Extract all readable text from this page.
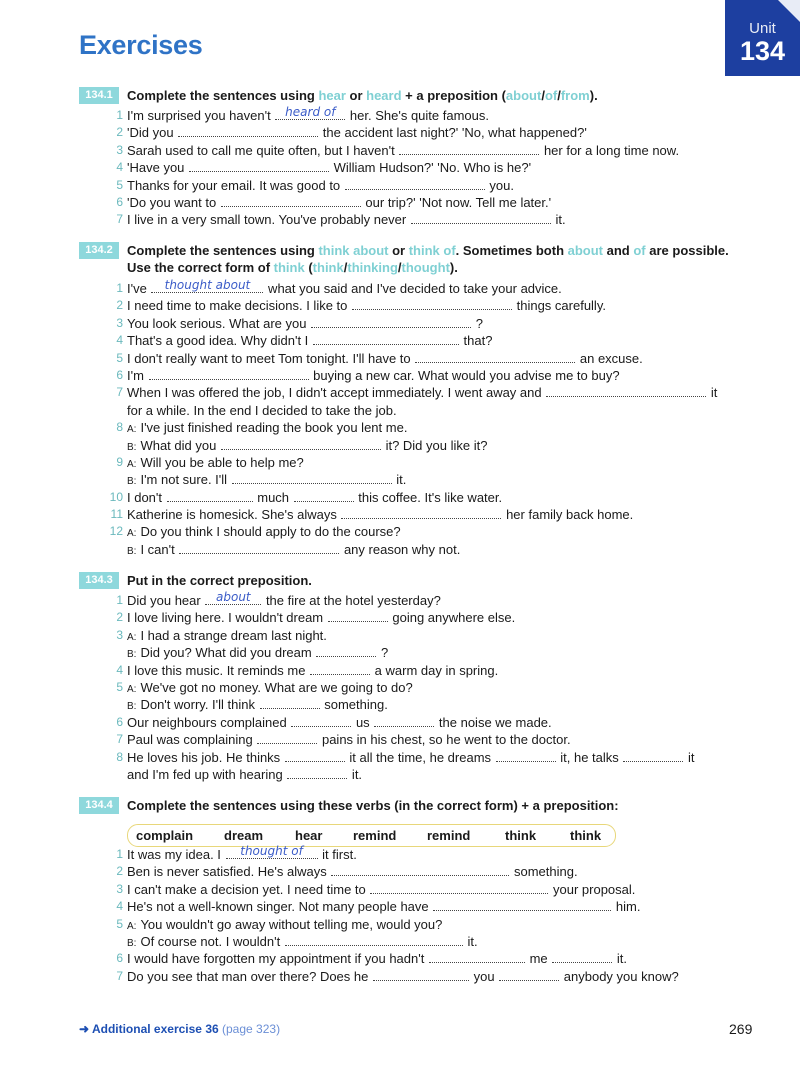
Exercises
Unit
134
134.1	Complete the sentences using hear or heard + a preposition (about/of/from).
1 I'm surprised you haven't heard of her. She's quite famous.
2 'Did you	the accident last night?' 'No, what happened?'
3 Sarah used to call me quite often, but I haven't	her for a long time now.
4 'Have you	William Hudson?' 'No. Who is he?'
5 Thanks for your email. It was good to	you.
6 'Do you want to	our trip?' 'Not now. Tell me later.'
7 I live in a very small town. You've probably never	it.
134.2	Complete the sentences using think about or think of. Sometimes both about and of are possible.
Use the correct form of think (think/thinking/thought).
1 I've	thought about	what you said and I've decided to take your advice.
2 I need time to make decisions. I like to	things carefully.
3 You look serious. What are you	?
4 That's a good idea. Why didn't I	that?
5 I don't really want to meet Tom tonight. I'll have to	an excuse.
6 I'm	buying a new car. What would you advise me to buy?
7 When I was offered the job, I didn't accept immediately. I went away and	it
for a while. In the end I decided to take the job.
8 A: I've just finished reading the book you lent me.
B: What did you	it? Did you like it?
9 A: Will you be able to help me?
B: I'm not sure. I'll	it.
10 I don't	much	this coffee. It's like water.
11 Katherine is homesick. She's always	her family back home.
12 A: Do you think I should apply to do the course?
B: I can't	any reason why not.
134.3	Put in the correct preposition.
1 Did you hear about the fire at the hotel yesterday?
2 I love living here. I wouldn't dream	going anywhere else.
3 A: I had a strange dream last night.
B: Did you? What did you dream	?
4 I love this music. It reminds me	a warm day in spring.
5 A: We've got no money. What are we going to do?
B: Don't worry. I'll think	something.
6 Our neighbours complained	us	the noise we made.
7 Paul was complaining	pains in his chest, so he went to the doctor.
8 He loves his job. He thinks	it all the time, he dreams	it, he talks	it
and I'm fed up with hearing	it.
134.4	Complete the sentences using these verbs (in the correct form) + a preposition:
complain dream hear remind remind	think	think
1 It was my idea. I	thought of	it first.
2 Ben is never satisfied. He's always	something.
3 I can't make a decision yet. I need time to	your proposal.
4 He's not a well-known singer. Not many people have	him.
5 A: You wouldn't go away without telling me, would you?
B: Of course not. I wouldn't	it.
6 I would have forgotten my appointment if you hadn't	me	it.
7 Do you see that man over there? Does he	you	anybody you know?
➜ Additional exercise 36 (page 323)	269
